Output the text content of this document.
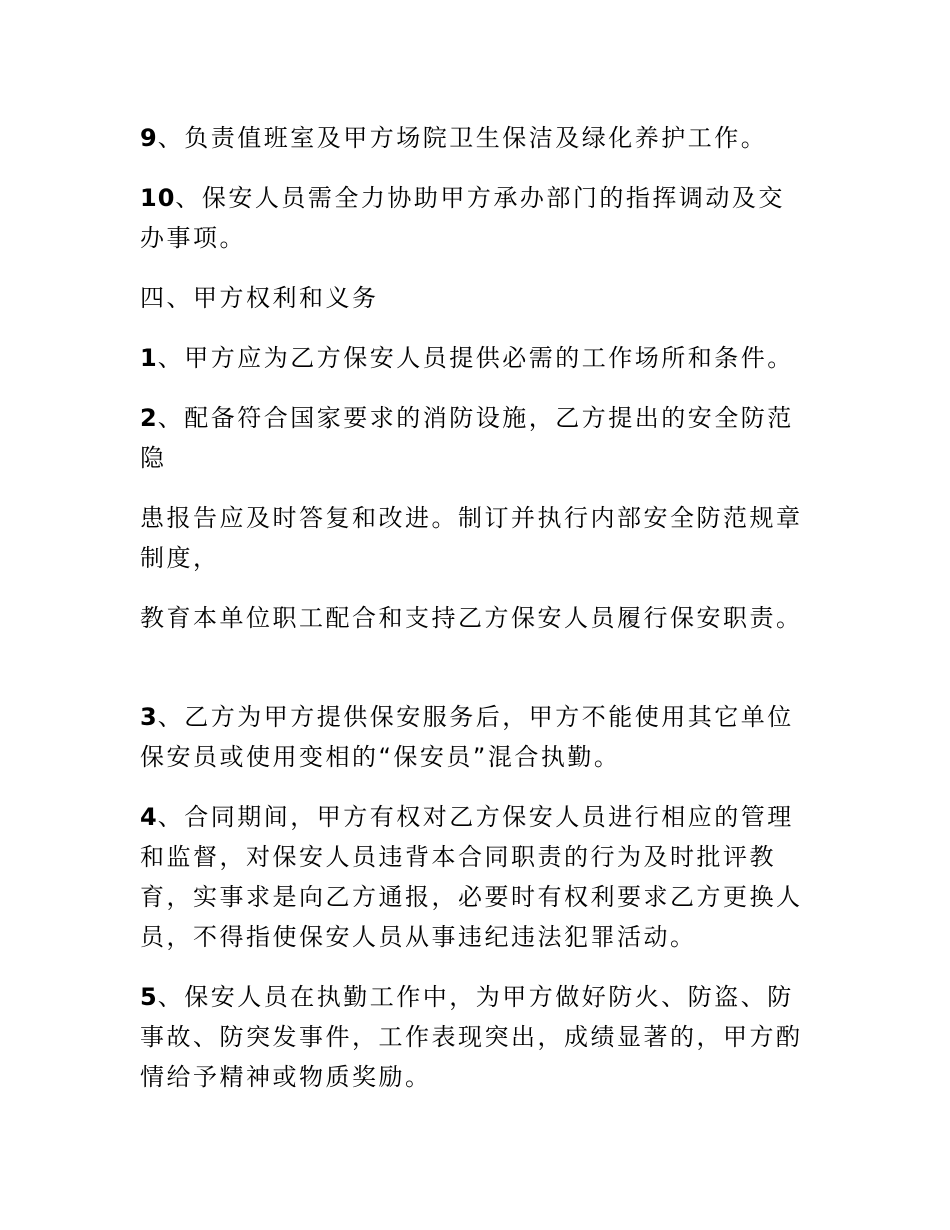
9、负责值班室及甲方场院卫生保洁及绿化养护工作。

10、保安人员需全力协助甲方承办部门的指挥调动及交办事项。

四、甲方权利和义务

1、甲方应为乙方保安人员提供必需的工作场所和条件。

2、配备符合国家要求的消防设施，乙方提出的安全防范隐

患报告应及时答复和改进。制订并执行内部安全防范规章制度，

教育本单位职工配合和支持乙方保安人员履行保安职责。

3、乙方为甲方提供保安服务后，甲方不能使用其它单位保安员或使用变相的“保安员”混合执勤。

4、合同期间，甲方有权对乙方保安人员进行相应的管理和监督，对保安人员违背本合同职责的行为及时批评教育，实事求是向乙方通报，必要时有权利要求乙方更换人员，不得指使保安人员从事违纪违法犯罪活动。

5、保安人员在执勤工作中，为甲方做好防火、防盗、防事故、防突发事件，工作表现突出，成绩显著的，甲方酌情给予精神或物质奖励。
